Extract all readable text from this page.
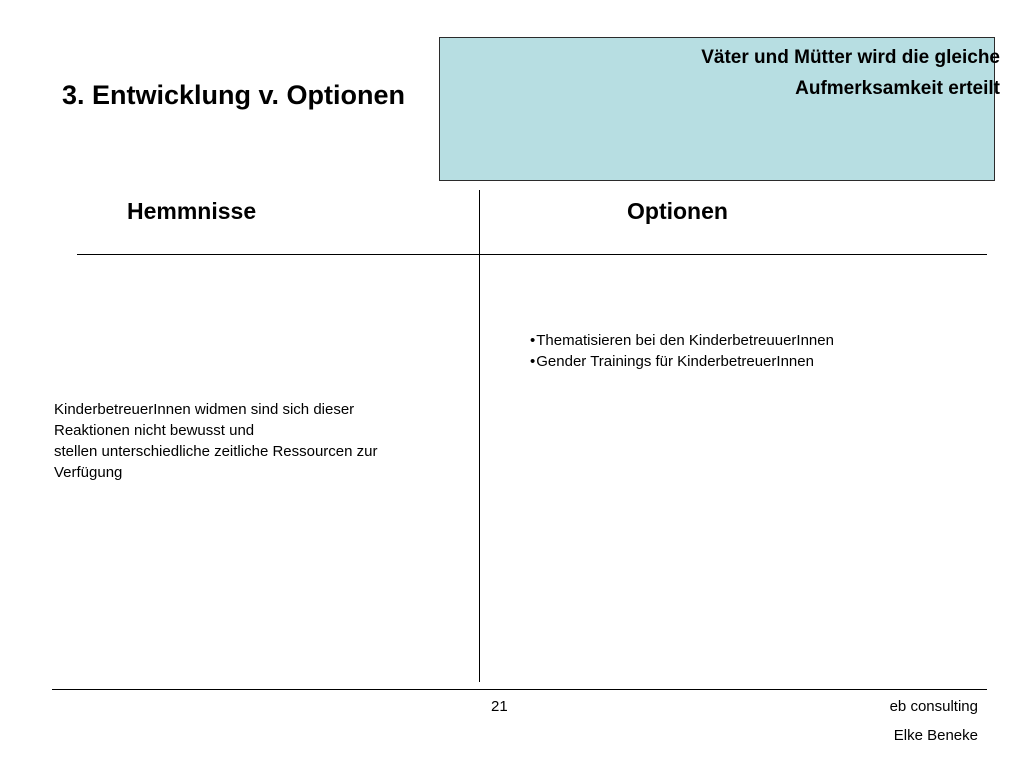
3. Entwicklung v. Optionen
Väter und Mütter wird die gleiche
Aufmerksamkeit erteilt
Hemmnisse	Optionen
•Thematisieren bei den KinderbetreuuerInnen
•Gender Trainings für KinderbetreuerInnen
KinderbetreuerInnen widmen sind sich dieser
Reaktionen nicht bewusst und
stellen unterschiedliche zeitliche Ressourcen zur
Verfügung
21	eb consulting
Elke Beneke
